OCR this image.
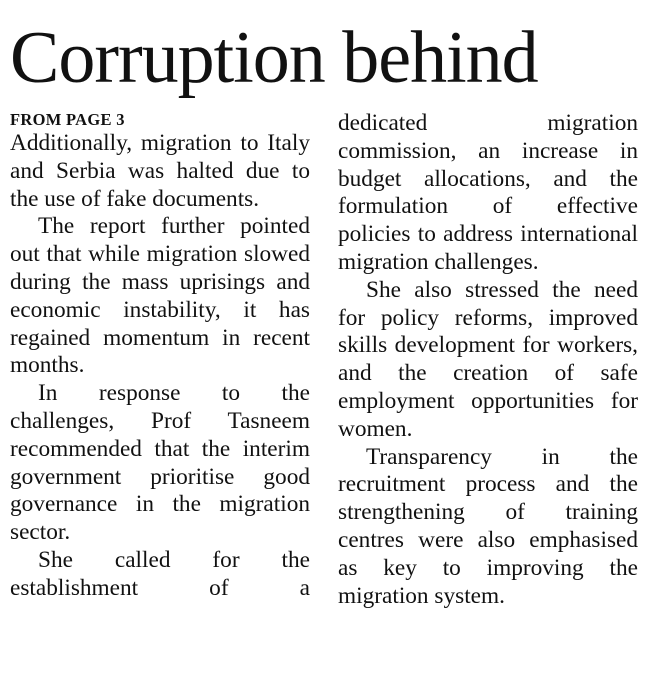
Corruption behind
FROM PAGE 3

Additionally, migration to Italy and Serbia was halted due to the use of fake documents.

The report further pointed out that while migration slowed during the mass uprisings and economic instability, it has regained momentum in recent months.

In response to the challenges, Prof Tasneem recommended that the interim government prioritise good governance in the migration sector.

She called for the establishment of a

dedicated migration commission, an increase in budget allocations, and the formulation of effective policies to address international migration challenges.

She also stressed the need for policy reforms, improved skills development for workers, and the creation of safe employment opportunities for women.

Transparency in the recruitment process and the strengthening of training centres were also emphasised as key to improving the migration system.
